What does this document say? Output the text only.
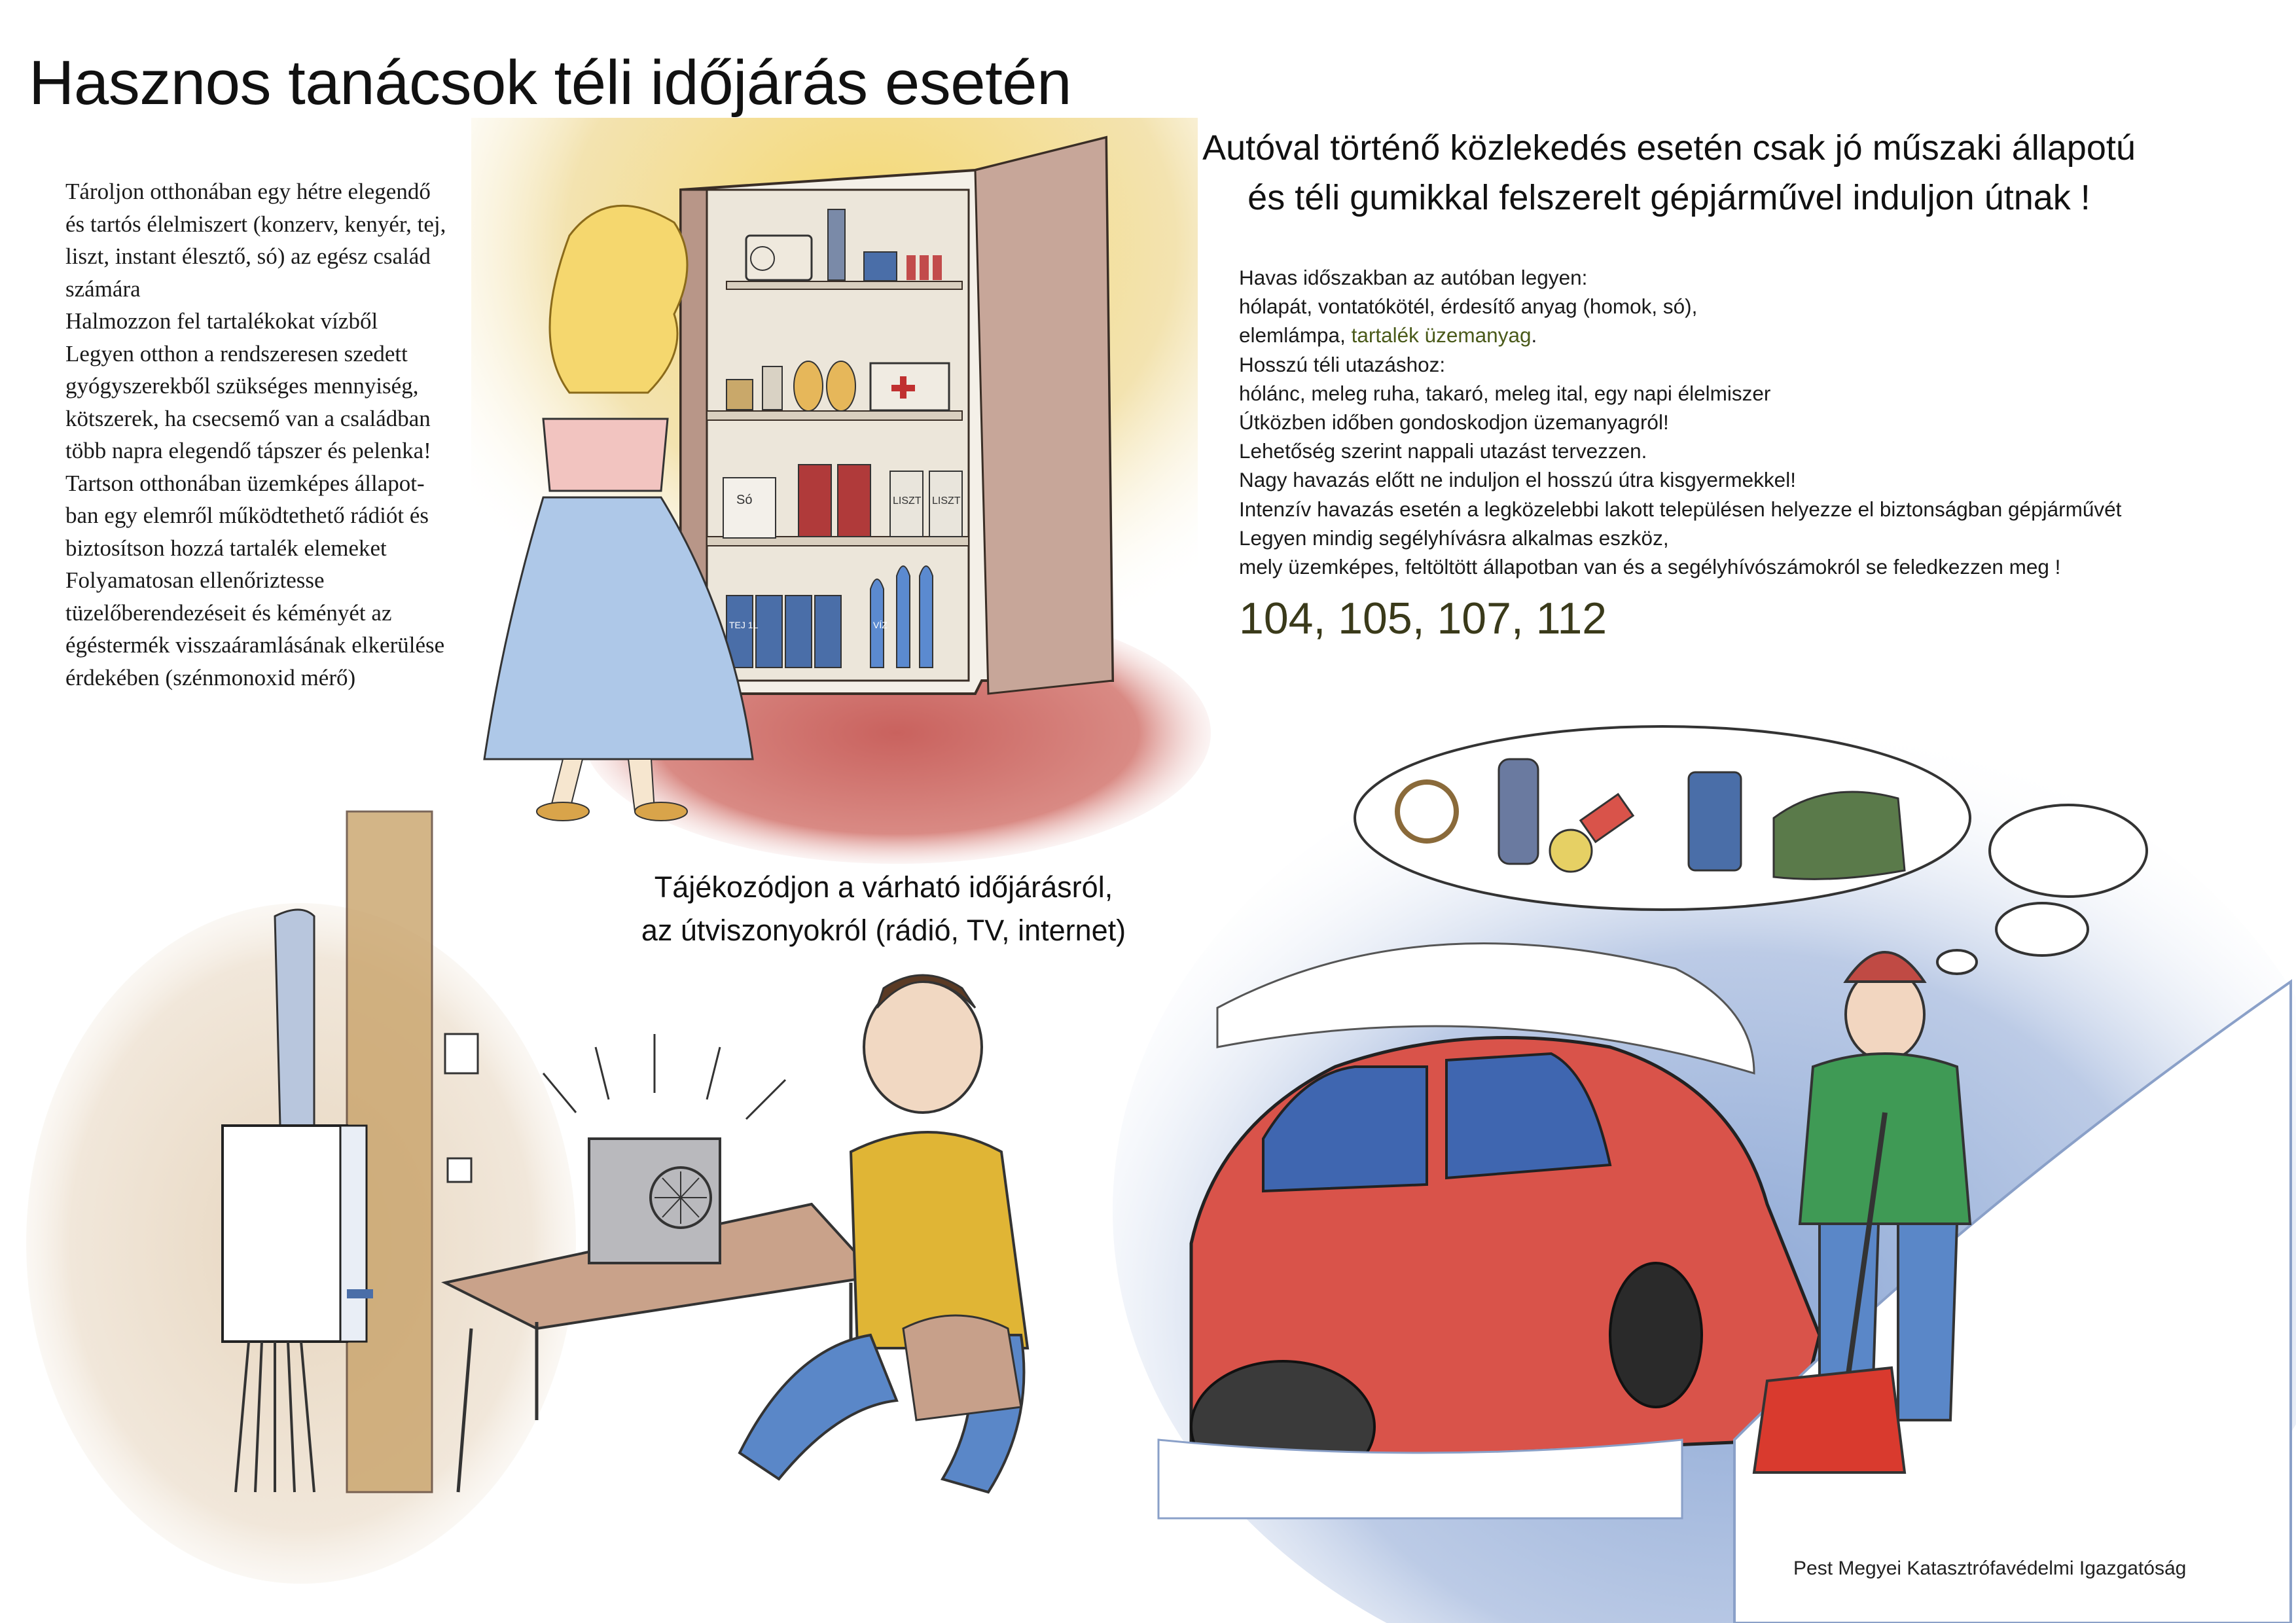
Só	LISZT LISZT
TEJ 1L	VÍZ
Hasznos tanácsok téli időjárás esetén
Tároljon otthonában egy hétre elegendő
és tartós élelmiszert (konzerv, kenyér, tej,
liszt, instant élesztő, só) az egész család
számára
Halmozzon fel tartalékokat vízből
Legyen otthon a rendszeresen szedett
gyógyszerekből szükséges mennyiség,
kötszerek, ha csecsemő van a családban
több napra elegendő tápszer és pelenka!
Tartson otthonában üzemképes állapot-
ban egy elemről működtethető rádiót és
biztosítson hozzá tartalék elemeket
Folyamatosan ellenőriztesse
tüzelőberendezéseit és kéményét az
égéstermék visszaáramlásának elkerülése
érdekében (szénmonoxid mérő)
Autóval történő közlekedés esetén csak jó műszaki állapotú
és téli gumikkal felszerelt gépjárművel induljon útnak !
Havas időszakban az autóban legyen:
hólapát, vontatókötél, érdesítő anyag (homok, só),
elemlámpa, tartalék üzemanyag.
Hosszú téli utazáshoz:
hólánc, meleg ruha, takaró, meleg ital, egy napi élelmiszer
Útközben időben gondoskodjon üzemanyagról!
Lehetőség szerint nappali utazást tervezzen.
Nagy havazás előtt ne induljon el hosszú útra kisgyermekkel!
Intenzív havazás esetén a legközelebbi lakott településen helyezze el biztonságban gépjárművét
Legyen mindig segélyhívásra alkalmas eszköz,
mely üzemképes, feltöltött állapotban van és a segélyhívószámokról se feledkezzen meg !
104, 105, 107, 112
Tájékozódjon a várható időjárásról,
az útviszonyokról (rádió, TV, internet)
Pest Megyei Katasztrófavédelmi Igazgatóság
